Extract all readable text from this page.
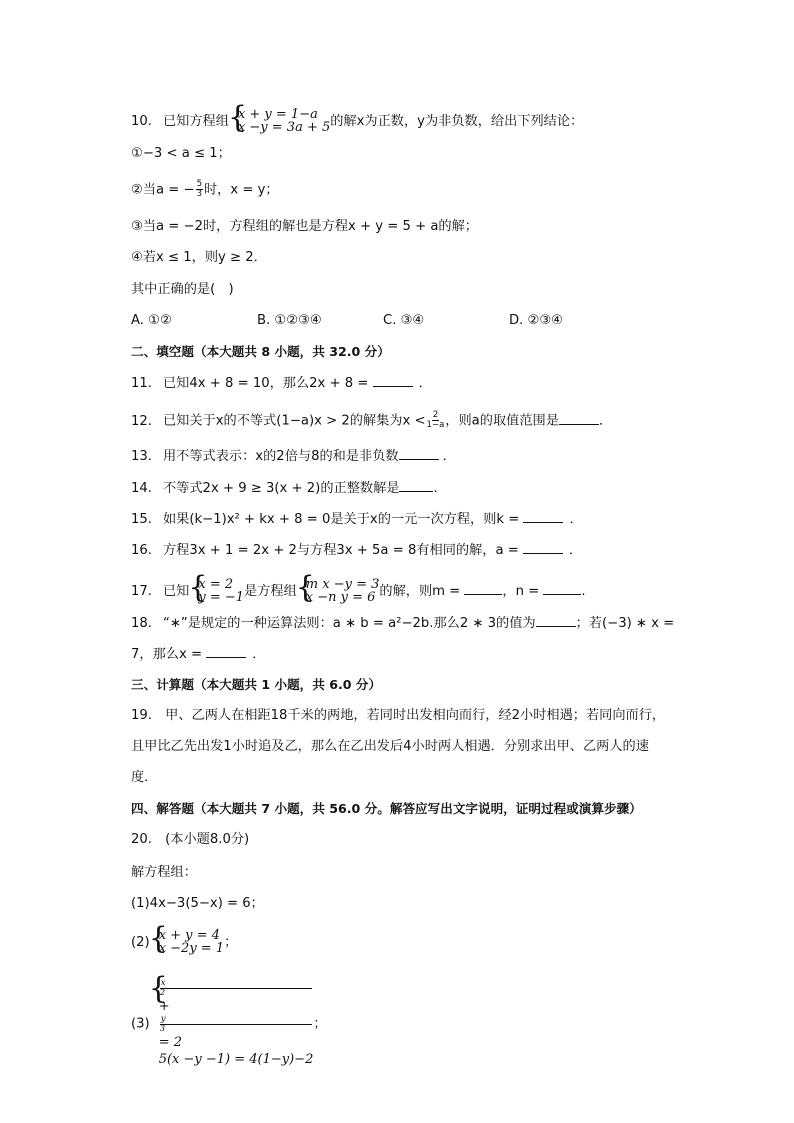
10. 已知方程组 { x + y = 1−a
x −y = 3a + 5 的解x为正数，y为非负数，给出下列结论：
①−3 < a ≤ 1；
②当a = − $\frac{5}{3}$ 时，x = y；
③当a = −2时，方程组的解也是方程x + y = 5 + a的解；
④若x ≤ 1，则y ≥ 2．
其中正确的是(　)
A. ①②	B. ①②③④	C. ③④	D. ②③④
二、填空题（本大题共 8 小题，共 32.0 分）
11. 已知4x + 8 = 10，那么2x + 8 =	．
12. 已知关于x的不等式(1−a)x > 2的解集为$x < \frac{2}{1-a}$ ，则a的取值范围是	．
13. 用不等式表示：x的2倍与8的和是非负数	．
14. 不等式2x + 9 ≥ 3(x + 2)的正整数解是	.
15. 如果(k−1)x² + kx + 8 = 0是关于x的一元一次方程，则k =	．
16. 方程3x + 1 = 2x + 2与方程3x + 5a = 8有相同的解，a =	．
17. 已知 { x = 2
y = −1 是方程组 { m x −y = 3
x −n y = 6 的解，则m =	，n =	.
18. “∗”是规定的一种运算法则：a ∗ b = a²−2b.那么2 ∗ 3的值为	；若(−3) ∗ x =
7，那么x =	．
三、计算题（本大题共 1 小题，共 6.0 分）
19.　甲、乙两人在相距18千米的两地，若同时出发相向而行，经2小时相遇；若同向而行，
且甲比乙先出发1小时追及乙，那么在乙出发后4小时两人相遇．分别求出甲、乙两人的速
度．
四、解答题（本大题共 7 小题，共 56.0 分。解答应写出文字说明，证明过程或演算步骤）
20.　(本小题8.0分)
解方程组：
(1)4x−3(5−x) = 6；
(2) { x + y = 4
x −2y = 1 ；
(3)
{ x
2
+
y
3
= 2
5(x −y −1) = 4(1−y)−2
；
